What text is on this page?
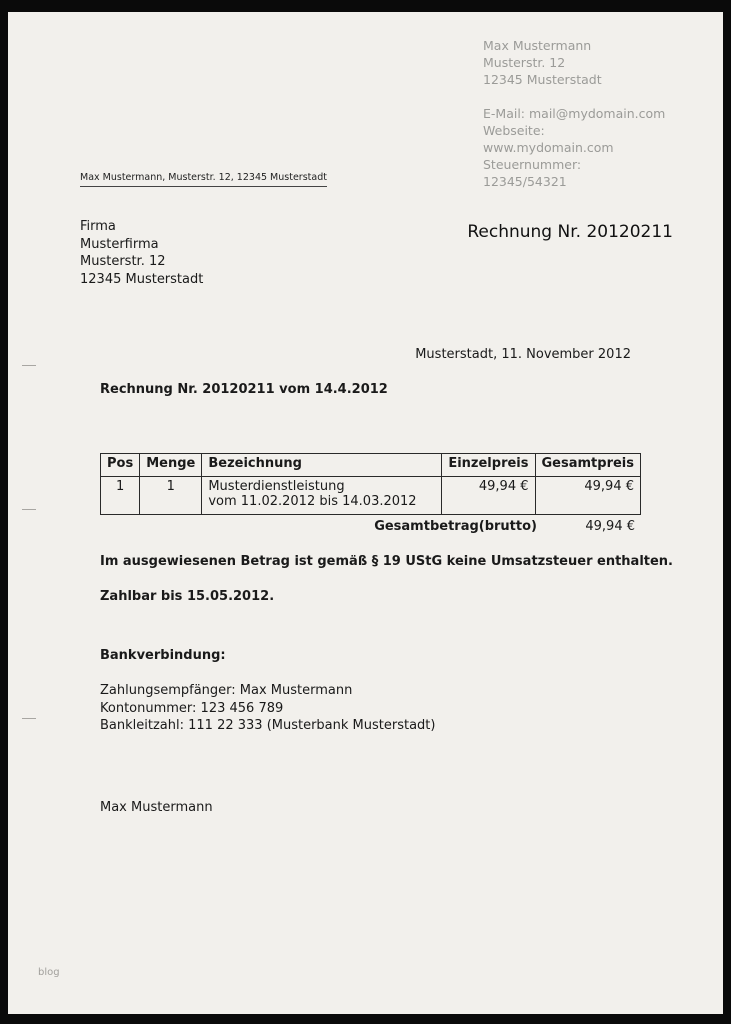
Max Mustermann
Musterstr. 12
12345 Musterstadt
E-Mail: mail@mydomain.com
Webseite:
www.mydomain.com
Steuernummer:
12345/54321
Max Mustermann, Musterstr. 12, 12345 Musterstadt
Firma
Musterfirma
Musterstr. 12
12345 Musterstadt
Rechnung Nr. 20120211
Musterstadt, 11. November 2012
Rechnung Nr. 20120211 vom 14.4.2012
Pos	Menge	Bezeichnung	Einzelpreis	Gesamtpreis
1	1	Musterdienstleistung
vom 11.02.2012 bis 14.03.2012	49,94 €	49,94 €
Gesamtbetrag(brutto)	49,94 €
Im ausgewiesenen Betrag ist gemäß § 19 UStG keine Umsatzsteuer enthalten.
Zahlbar bis 15.05.2012.
Bankverbindung:
Zahlungsempfänger: Max Mustermann
Kontonummer: 123 456 789
Bankleitzahl: 111 22 333 (Musterbank Musterstadt)
Max Mustermann
blog
